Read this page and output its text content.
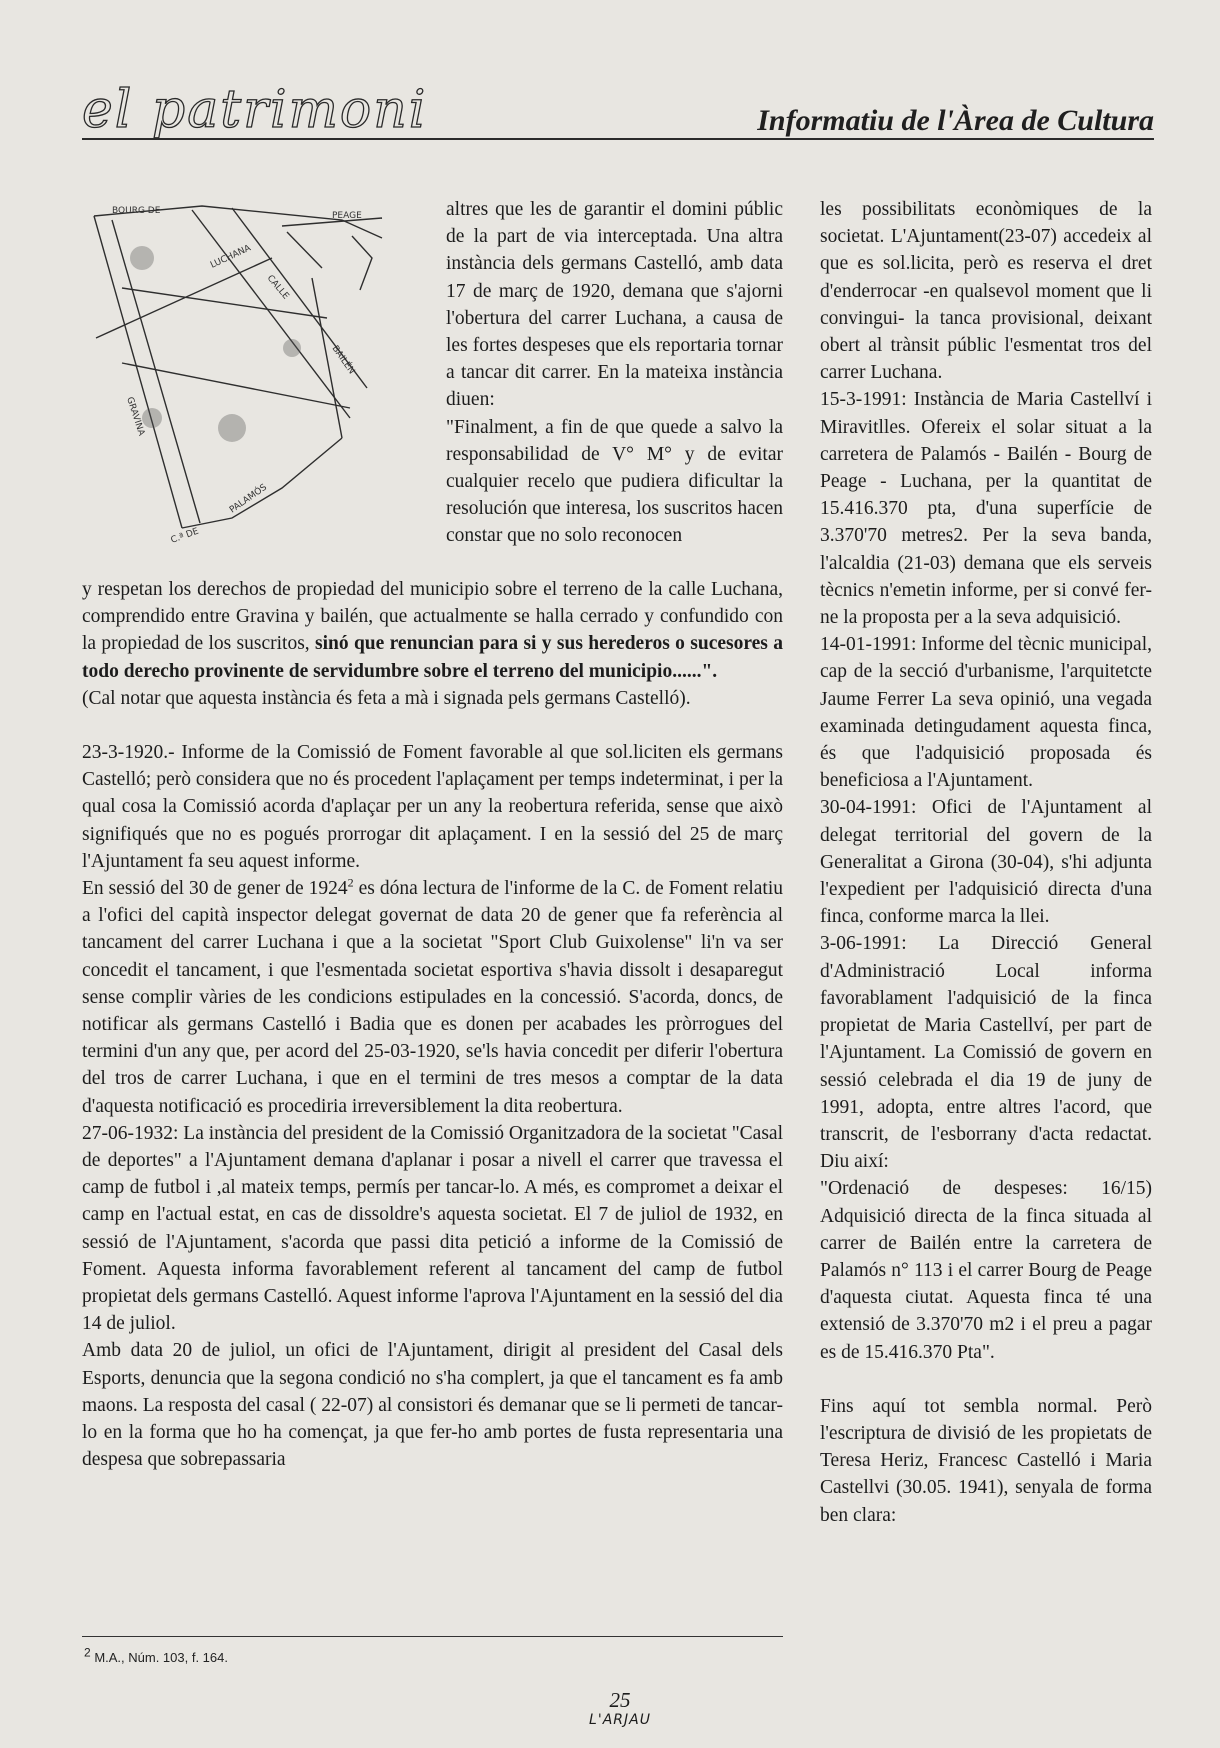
el patrimoni	Informatiu de l'Àrea de Cultura
BOURG DE	PEAGE
CALLE
LUCHANA
BAILÉN
GRAVINA
PALAMÓS
C.ª DE

altres que les de garantir el domini públic de la part de via interceptada. Una altra instància dels germans Castelló, amb data 17 de març de 1920, demana que s'ajorni l'obertura del carrer Luchana, a causa de les fortes despeses que els reportaria tornar a tancar dit carrer. En la mateixa instància diuen:

"Finalment, a fin de que quede a salvo la responsabilidad de V° M° y de evitar cualquier recelo que pudiera dificultar la resolución que interesa, los suscritos hacen constar que no solo reconocen

y respetan los derechos de propiedad del municipio sobre el terreno de la calle Luchana, comprendido entre Gravina y bailén, que actualmente se halla cerrado y confundido con la propiedad de los suscritos, sinó que renuncian para si y sus herederos o sucesores a todo derecho provinente de servidumbre sobre el terreno del municipio......".

(Cal notar que aquesta instància és feta a mà i signada pels germans Castelló).

23-3-1920.- Informe de la Comissió de Foment favorable al que sol.liciten els germans Castelló; però considera que no és procedent l'aplaçament per temps indeterminat, i per la qual cosa la Comissió acorda d'aplaçar per un any la reobertura referida, sense que això signifiqués que no es pogués prorrogar dit aplaçament. I en la sessió del 25 de març l'Ajuntament fa seu aquest informe.

En sessió del 30 de gener de 1924$^2$ es dóna lectura de l'informe de la C. de Foment relatiu a l'ofici del capità inspector delegat governat de data 20 de gener que fa referència al tancament del carrer Luchana i que a la societat "Sport Club Guixolense" li'n va ser concedit el tancament, i que l'esmentada societat esportiva s'havia dissolt i desaparegut sense complir vàries de les condicions estipulades en la concessió. S'acorda, doncs, de notificar als germans Castelló i Badia que es donen per acabades les pròrrogues del termini d'un any que, per acord del 25-03-1920, se'ls havia concedit per diferir l'obertura del tros de carrer Luchana, i que en el termini de tres mesos a comptar de la data d'aquesta notificació es procediria irreversiblement la dita reobertura.

27-06-1932: La instància del president de la Comissió Organitzadora de la societat "Casal de deportes" a l'Ajuntament demana d'aplanar i posar a nivell el carrer que travessa el camp de futbol i ,al mateix temps, permís per tancar-lo. A més, es compromet a deixar el camp en l'actual estat, en cas de dissoldre's aquesta societat. El 7 de juliol de 1932, en sessió de l'Ajuntament, s'acorda que passi dita petició a informe de la Comissió de Foment. Aquesta informa favorablement referent al tancament del camp de futbol propietat dels germans Castelló. Aquest informe l'aprova l'Ajuntament en la sessió del dia 14 de juliol.

Amb data 20 de juliol, un ofici de l'Ajuntament, dirigit al president del Casal dels Esports, denuncia que la segona condició no s'ha complert, ja que el tancament es fa amb maons. La resposta del casal ( 22-07) al consistori és demanar que se li permeti de tancar-lo en la forma que ho ha començat, ja que fer-ho amb portes de fusta representaria una despesa que sobrepassaria

les possibilitats econòmiques de la societat. L'Ajuntament(23-07) accedeix al que es sol.licita, però es reserva el dret d'enderrocar -en qualsevol moment que li convingui- la tanca provisional, deixant obert al trànsit públic l'esmentat tros del carrer Luchana.

15-3-1991: Instància de Maria Castellví i Miravitlles. Ofereix el solar situat a la carretera de Palamós - Bailén - Bourg de Peage - Luchana, per la quantitat de 15.416.370 pta, d'una superfície de 3.370'70 metres2. Per la seva banda, l'alcaldia (21-03) demana que els serveis tècnics n'emetin informe, per si convé fer-ne la proposta per a la seva adquisició.

14-01-1991: Informe del tècnic municipal, cap de la secció d'urbanisme, l'arquitetcte Jaume Ferrer La seva opinió, una vegada examinada detingudament aquesta finca, és que l'adquisició proposada és beneficiosa a l'Ajuntament.

30-04-1991: Ofici de l'Ajuntament al delegat territorial del govern de la Generalitat a Girona (30-04), s'hi adjunta l'expedient per l'adquisició directa d'una finca, conforme marca la llei.

3-06-1991: La Direcció General d'Administració Local informa favorablament l'adquisició de la finca propietat de Maria Castellví, per part de l'Ajuntament. La Comissió de govern en sessió celebrada el dia 19 de juny de 1991, adopta, entre altres l'acord, que transcrit, de l'esborrany d'acta redactat. Diu així:

"Ordenació de despeses: 16/15) Adquisició directa de la finca situada al carrer de Bailén entre la carretera de Palamós n° 113 i el carrer Bourg de Peage d'aquesta ciutat. Aquesta finca té una extensió de 3.370'70 m2 i el preu a pagar es de 15.416.370 Pta".

Fins aquí tot sembla normal. Però l'escriptura de divisió de les propietats de Teresa Heriz, Francesc Castelló i Maria Castellvi (30.05. 1941), senyala de forma ben clara:

$^2$ M.A., Núm. 103, f. 164.
25
L'ARJAU
